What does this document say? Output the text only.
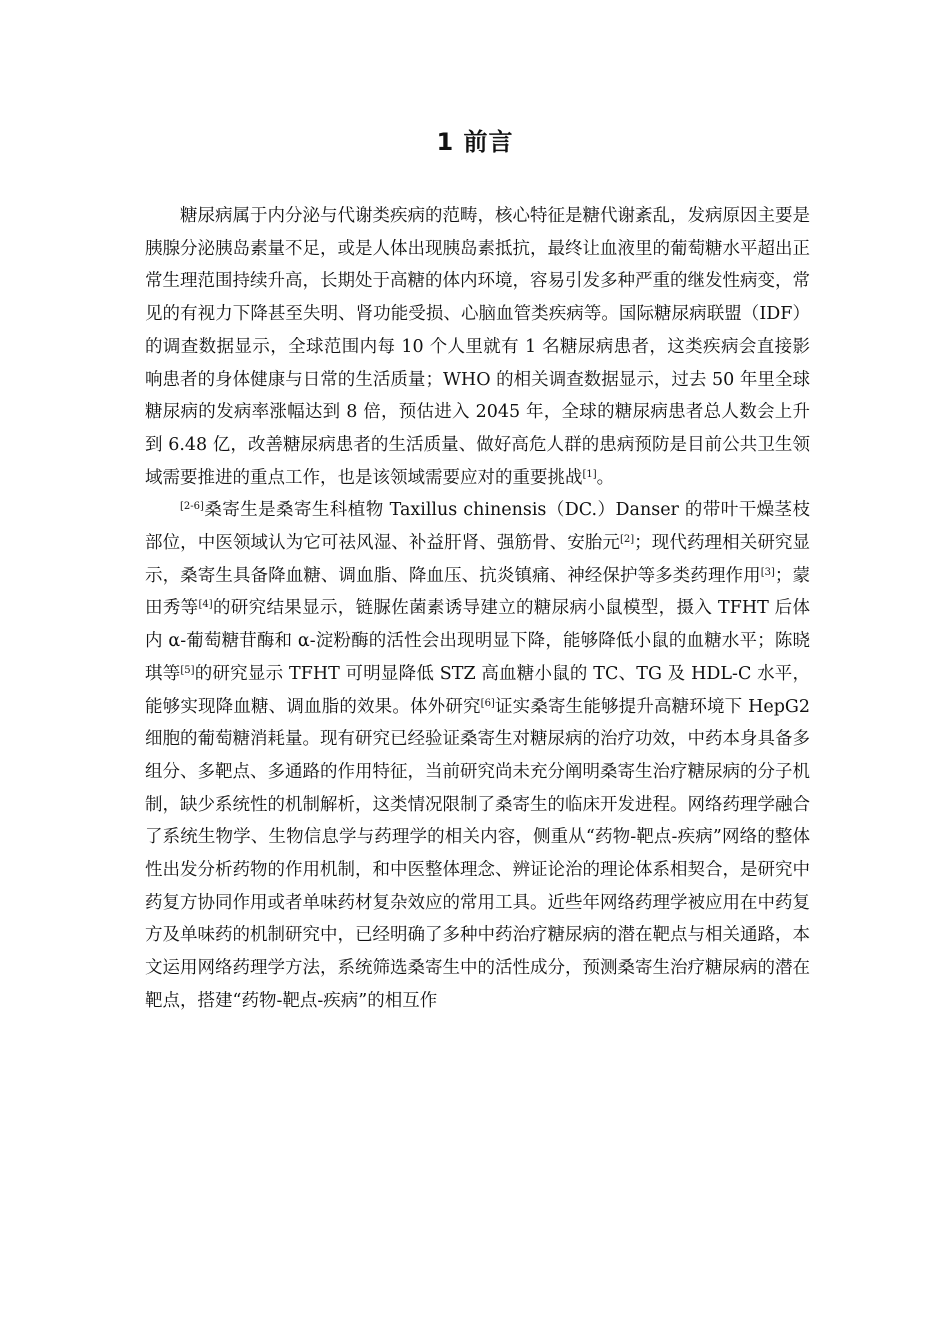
1 前言

糖尿病属于内分泌与代谢类疾病的范畴，核心特征是糖代谢紊乱，发病原因主要是胰腺分泌胰岛素量不足，或是人体出现胰岛素抵抗，最终让血液里的葡萄糖水平超出正常生理范围持续升高，长期处于高糖的体内环境，容易引发多种严重的继发性病变，常见的有视力下降甚至失明、肾功能受损、心脑血管类疾病等。国际糖尿病联盟（IDF）的调查数据显示，全球范围内每 10 个人里就有 1 名糖尿病患者，这类疾病会直接影响患者的身体健康与日常的生活质量；WHO 的相关调查数据显示，过去 50 年里全球糖尿病的发病率涨幅达到 8 倍，预估进入 2045 年，全球的糖尿病患者总人数会上升到 6.48 亿，改善糖尿病患者的生活质量、做好高危人群的患病预防是目前公共卫生领域需要推进的重点工作，也是该领域需要应对的重要挑战[1]。

[2-6]桑寄生是桑寄生科植物 Taxillus chinensis（DC.）Danser 的带叶干燥茎枝部位，中医领域认为它可祛风湿、补益肝肾、强筋骨、安胎元[2]；现代药理相关研究显示，桑寄生具备降血糖、调血脂、降血压、抗炎镇痛、神经保护等多类药理作用[3]；蒙田秀等[4]的研究结果显示，链脲佐菌素诱导建立的糖尿病小鼠模型，摄入 TFHT 后体内 α-葡萄糖苷酶和 α-淀粉酶的活性会出现明显下降，能够降低小鼠的血糖水平；陈晓琪等[5]的研究显示 TFHT 可明显降低 STZ 高血糖小鼠的 TC、TG 及 HDL-C 水平，能够实现降血糖、调血脂的效果。体外研究[6]证实桑寄生能够提升高糖环境下 HepG2 细胞的葡萄糖消耗量。现有研究已经验证桑寄生对糖尿病的治疗功效，中药本身具备多组分、多靶点、多通路的作用特征，当前研究尚未充分阐明桑寄生治疗糖尿病的分子机制，缺少系统性的机制解析，这类情况限制了桑寄生的临床开发进程。网络药理学融合了系统生物学、生物信息学与药理学的相关内容，侧重从“药物-靶点-疾病”网络的整体性出发分析药物的作用机制，和中医整体理念、辨证论治的理论体系相契合，是研究中药复方协同作用或者单味药材复杂效应的常用工具。近些年网络药理学被应用在中药复方及单味药的机制研究中，已经明确了多种中药治疗糖尿病的潜在靶点与相关通路，本文运用网络药理学方法，系统筛选桑寄生中的活性成分，预测桑寄生治疗糖尿病的潜在靶点，搭建“药物-靶点-疾病”的相互作
